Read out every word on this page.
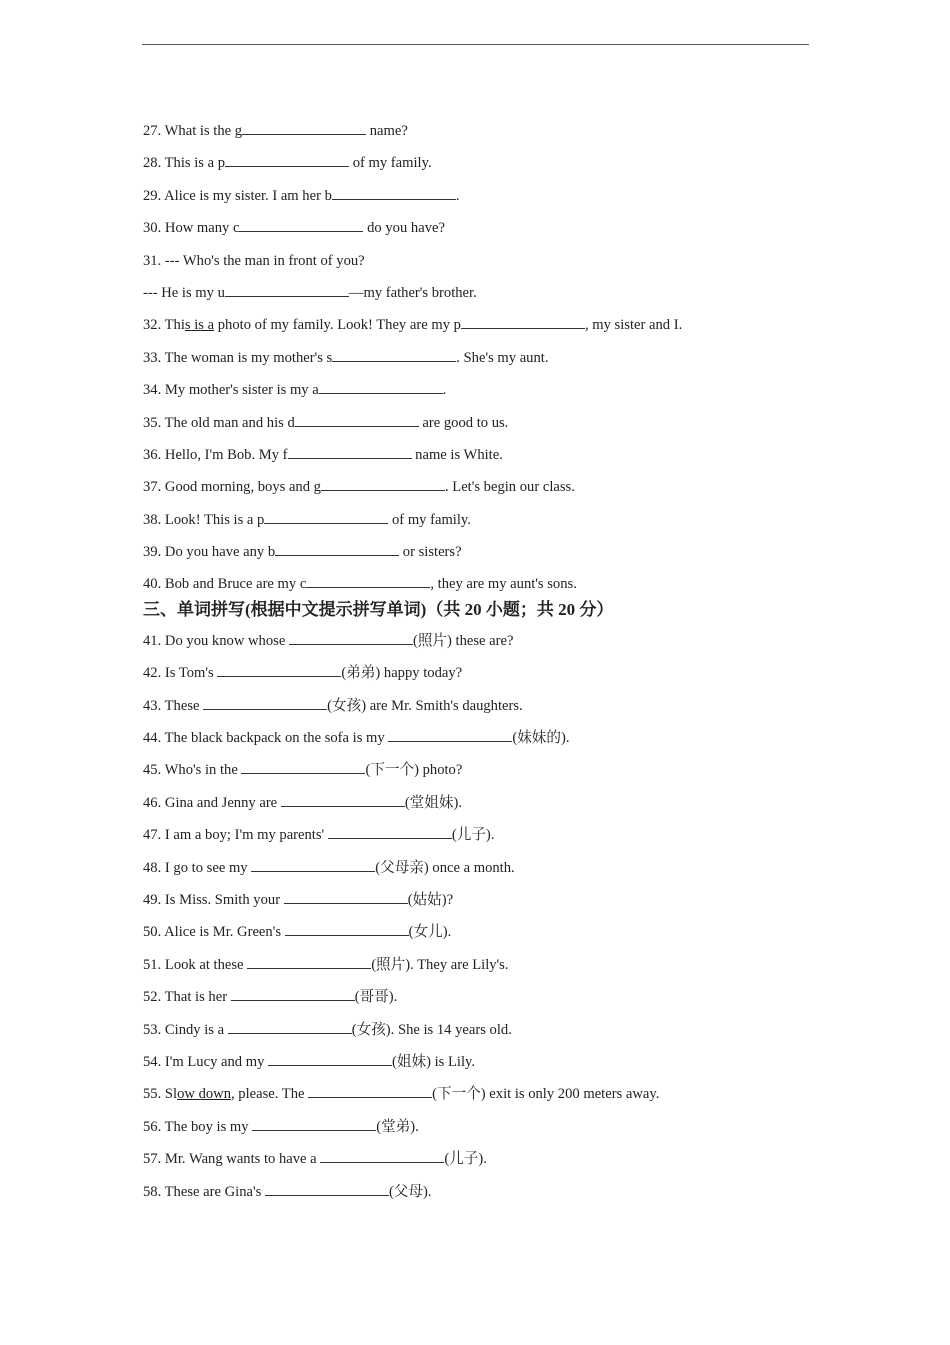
27. What is the g	name?
28. This is a p	of my family.
29. Alice is my sister. I am her b	.
30. How many c	do you have?
31. --- Who's the man in front of you?
--- He is my u	—my father's brother.
32. This is a photo of my family. Look! They are my p	, my sister and I.
33. The woman is my mother's s	. She's my aunt.
34. My mother's sister is my a	.
35. The old man and his d	are good to us.
36. Hello, I'm Bob. My f	name is White.
37. Good morning, boys and g	. Let's begin our class.
38. Look! This is a p	of my family.
39. Do you have any b	or sisters?
40. Bob and Bruce are my c	, they are my aunt's sons.
三、单词拼写(根据中文提示拼写单词)（共 20 小题；共 20 分）
41. Do you know whose	(照片) these are?
42. Is Tom's	(弟弟) happy today?
43. These	(女孩) are Mr. Smith's daughters.
44. The black backpack on the sofa is my	(妹妹的).
45. Who's in the	(下一个) photo?
46. Gina and Jenny are	(堂姐妹).
47. I am a boy; I'm my parents'	(儿子).
48. I go to see my	(父母亲) once a month.
49. Is Miss. Smith your	(姑姑)?
50. Alice is Mr. Green's	(女儿).
51. Look at these	(照片). They are Lily's.
52. That is her	(哥哥).
53. Cindy is a	(女孩). She is 14 years old.
54. I'm Lucy and my	(姐妹) is Lily.
55. Slow down, please. The	(下一个) exit is only 200 meters away.
56. The boy is my	(堂弟).
57. Mr. Wang wants to have a	(儿子).
58. These are Gina's	(父母).
